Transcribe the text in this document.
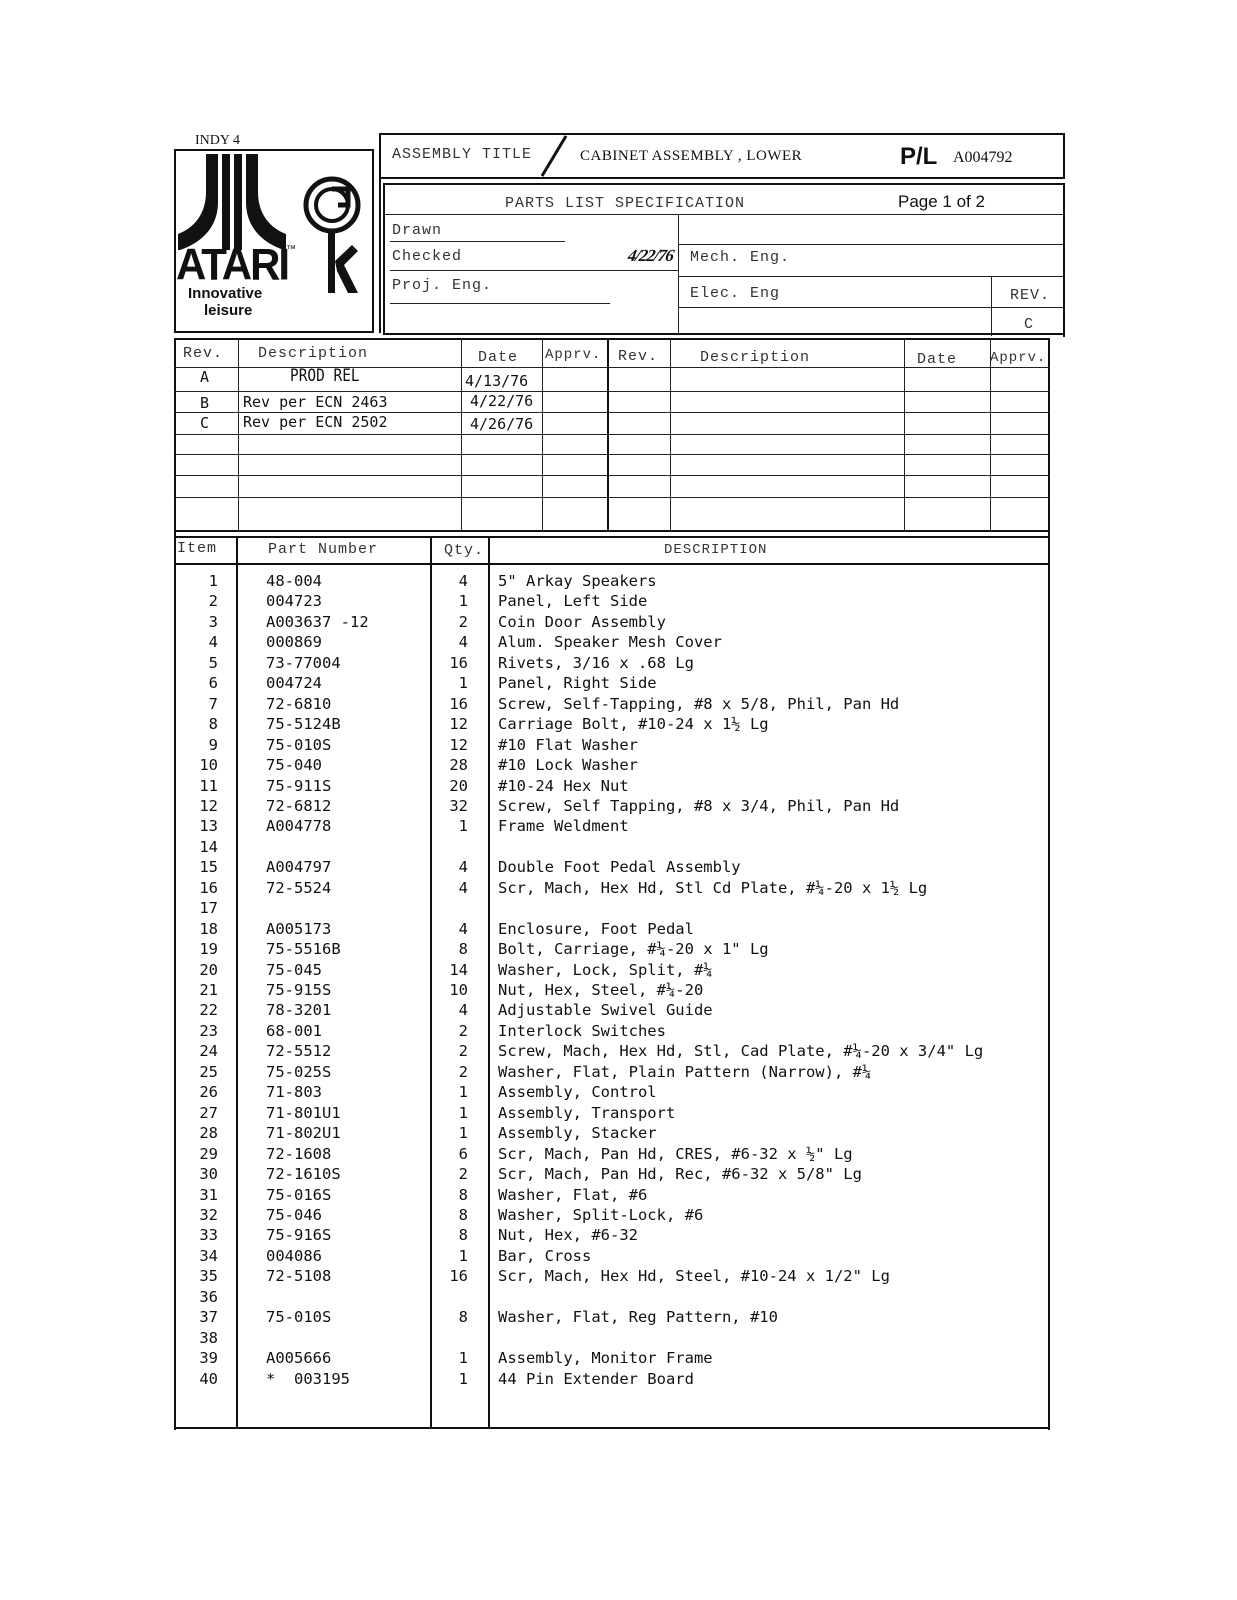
INDY 4
ATARI
™
Innovative
leisure
ASSEMBLY TITLE	CABINET ASSEMBLY , LOWER	P/L A004792
PARTS LIST SPECIFICATION	Page 1 of 2
Drawn
Checked	4/22/76
Proj. Eng.
Mech. Eng.
Elec. Eng	REV.
C
Rev. Description	Date Apprv. Rev.	Description	Date Apprv.
A	PROD REL	4/13/76
B Rev per ECN 2463	4/22/76
C Rev per ECN 2502	4/26/76
Item	Part Number	Qty.	DESCRIPTION
1	48-004	4 5" Arkay Speakers
2	004723	1 Panel, Left Side
3	A003637 -12	2 Coin Door Assembly
4	000869	4 Alum. Speaker Mesh Cover
5	73-77004	16 Rivets, 3/16 x .68 Lg
6	004724	1 Panel, Right Side
7	72-6810	16 Screw, Self-Tapping, #8 x 5/8, Phil, Pan Hd
8	75-5124B	12 Carriage Bolt, #10-24 x 1½ Lg
9	75-010S	12 #10 Flat Washer
10	75-040	28 #10 Lock Washer
11	75-911S	20 #10-24 Hex Nut
12	72-6812	32 Screw, Self Tapping, #8 x 3/4, Phil, Pan Hd
13	A004778	1 Frame Weldment
14
15	A004797	4 Double Foot Pedal Assembly
16	72-5524	4 Scr, Mach, Hex Hd, Stl Cd Plate, #¼-20 x 1½ Lg
17
18	A005173	4 Enclosure, Foot Pedal
19	75-5516B	8 Bolt, Carriage, #¼-20 x 1" Lg
20	75-045	14 Washer, Lock, Split, #¼
21	75-915S	10 Nut, Hex, Steel, #¼-20
22	78-3201	4 Adjustable Swivel Guide
23	68-001	2 Interlock Switches
24	72-5512	2 Screw, Mach, Hex Hd, Stl, Cad Plate, #¼-20 x 3/4" Lg
25	75-025S	2 Washer, Flat, Plain Pattern (Narrow), #¼
26	71-803	1 Assembly, Control
27	71-801U1	1 Assembly, Transport
28	71-802U1	1 Assembly, Stacker
29	72-1608	6 Scr, Mach, Pan Hd, CRES, #6-32 x ½" Lg
30	72-1610S	2 Scr, Mach, Pan Hd, Rec, #6-32 x 5/8" Lg
31	75-016S	8 Washer, Flat, #6
32	75-046	8 Washer, Split-Lock, #6
33	75-916S	8 Nut, Hex, #6-32
34	004086	1 Bar, Cross
35	72-5108	16 Scr, Mach, Hex Hd, Steel, #10-24 x 1/2" Lg
36
37	75-010S	8 Washer, Flat, Reg Pattern, #10
38
39	A005666	1 Assembly, Monitor Frame
40	*  003195	1 44 Pin Extender Board
